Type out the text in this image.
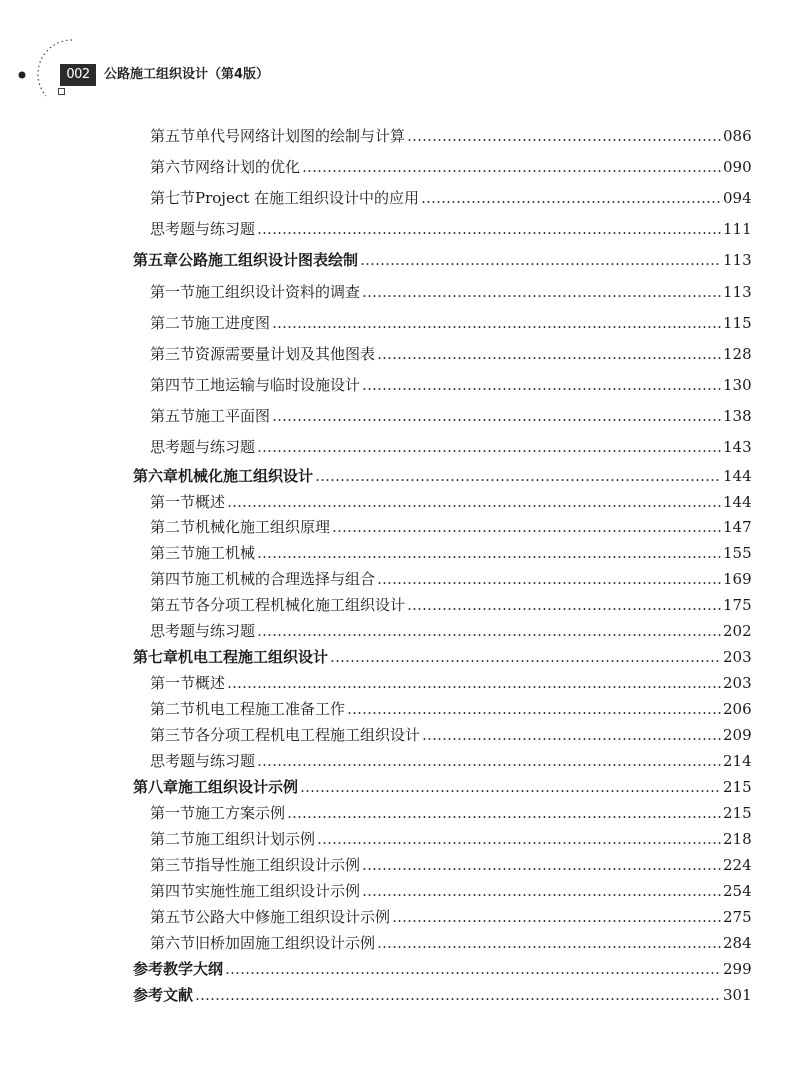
002	公路施工组织设计（第4版）
第五节 单代号网络计划图的绘制与计算 ………………………………………………………………………………………………………………………………………………………………………………………	086
第六节 网络计划的优化 ………………………………………………………………………………………………………………………………………………………………………………………	090
第七节 Project 在施工组织设计中的应用 ………………………………………………………………………………………………………………………………………………………………………………………	094
思考题与练习题 ………………………………………………………………………………………………………………………………………………………………………………………	111
第五章 公路施工组织设计图表绘制 ………………………………………………………………………………………………………………………………………………………………………………………	113
第一节 施工组织设计资料的调查 ………………………………………………………………………………………………………………………………………………………………………………………	113
第二节 施工进度图 ………………………………………………………………………………………………………………………………………………………………………………………	115
第三节 资源需要量计划及其他图表 ………………………………………………………………………………………………………………………………………………………………………………………	128
第四节 工地运输与临时设施设计 ………………………………………………………………………………………………………………………………………………………………………………………	130
第五节 施工平面图 ………………………………………………………………………………………………………………………………………………………………………………………	138
思考题与练习题 ………………………………………………………………………………………………………………………………………………………………………………………	143
第六章 机械化施工组织设计 ………………………………………………………………………………………………………………………………………………………………………………………	144
第一节 概述 ………………………………………………………………………………………………………………………………………………………………………………………	144
第二节 机械化施工组织原理 ………………………………………………………………………………………………………………………………………………………………………………………	147
第三节 施工机械 ………………………………………………………………………………………………………………………………………………………………………………………	155
第四节 施工机械的合理选择与组合 ………………………………………………………………………………………………………………………………………………………………………………………	169
第五节 各分项工程机械化施工组织设计 ………………………………………………………………………………………………………………………………………………………………………………………	175
思考题与练习题 ………………………………………………………………………………………………………………………………………………………………………………………	202
第七章 机电工程施工组织设计 ………………………………………………………………………………………………………………………………………………………………………………………	203
第一节 概述 ………………………………………………………………………………………………………………………………………………………………………………………	203
第二节 机电工程施工准备工作 ………………………………………………………………………………………………………………………………………………………………………………………	206
第三节 各分项工程机电工程施工组织设计 ………………………………………………………………………………………………………………………………………………………………………………………	209
思考题与练习题 ………………………………………………………………………………………………………………………………………………………………………………………	214
第八章 施工组织设计示例 ………………………………………………………………………………………………………………………………………………………………………………………	215
第一节 施工方案示例 ………………………………………………………………………………………………………………………………………………………………………………………	215
第二节 施工组织计划示例 ………………………………………………………………………………………………………………………………………………………………………………………	218
第三节 指导性施工组织设计示例 ………………………………………………………………………………………………………………………………………………………………………………………	224
第四节 实施性施工组织设计示例 ………………………………………………………………………………………………………………………………………………………………………………………	254
第五节 公路大中修施工组织设计示例 ………………………………………………………………………………………………………………………………………………………………………………………	275
第六节 旧桥加固施工组织设计示例 ………………………………………………………………………………………………………………………………………………………………………………………	284
参考教学大纲 ………………………………………………………………………………………………………………………………………………………………………………………	299
参考文献 ………………………………………………………………………………………………………………………………………………………………………………………	301
